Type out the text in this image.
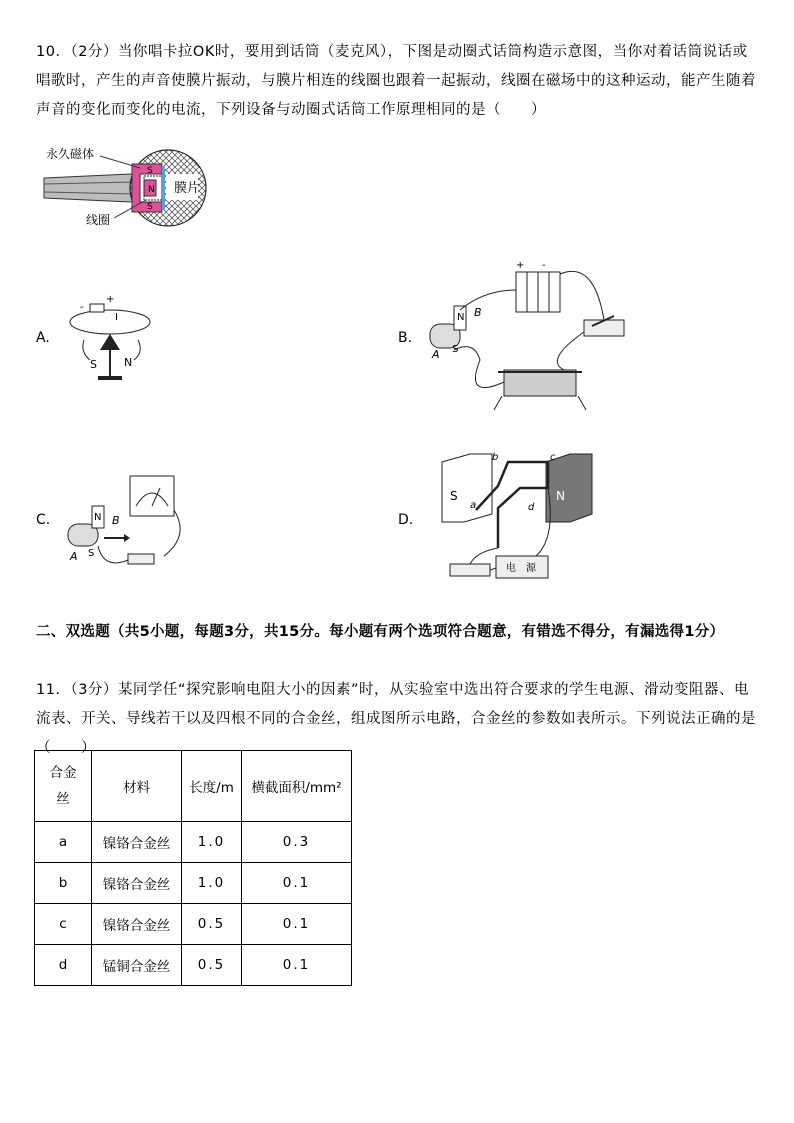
10．（2分）当你唱卡拉OK时，要用到话筒（麦克风），下图是动圈式话筒构造示意图，当你对着话筒说话或唱歌时，产生的声音使膜片振动，与膜片相连的线圈也跟着一起振动，线圈在磁场中的这种运动，能产生随着声音的变化而变化的电流，下列设备与动圈式话筒工作原理相同的是（　　）
S
N
S
膜片
永久磁体
线圈
A.
-
+
I
S N
B.
+ -
N B
A S
C.	N B
A S
D.
S	N
a
b	c
d
电　源
二、双选题（共5小题，每题3分，共15分。每小题有两个选项符合题意，有错选不得分，有漏选得1分）
11．（3分）某同学任“探究影响电阻大小的因素”时，从实验室中选出符合要求的学生电源、滑动变阻器、电流表、开关、导线若干以及四根不同的合金丝，组成图所示电路，合金丝的参数如表所示。下列说法正确的是（　　）
合金丝	材料	长度/m	横截面积/mm²
a	镍铬合金丝	1.0	0.3
b	镍铬合金丝	1.0	0.1
c	镍铬合金丝	0.5	0.1
d	锰铜合金丝	0.5	0.1
